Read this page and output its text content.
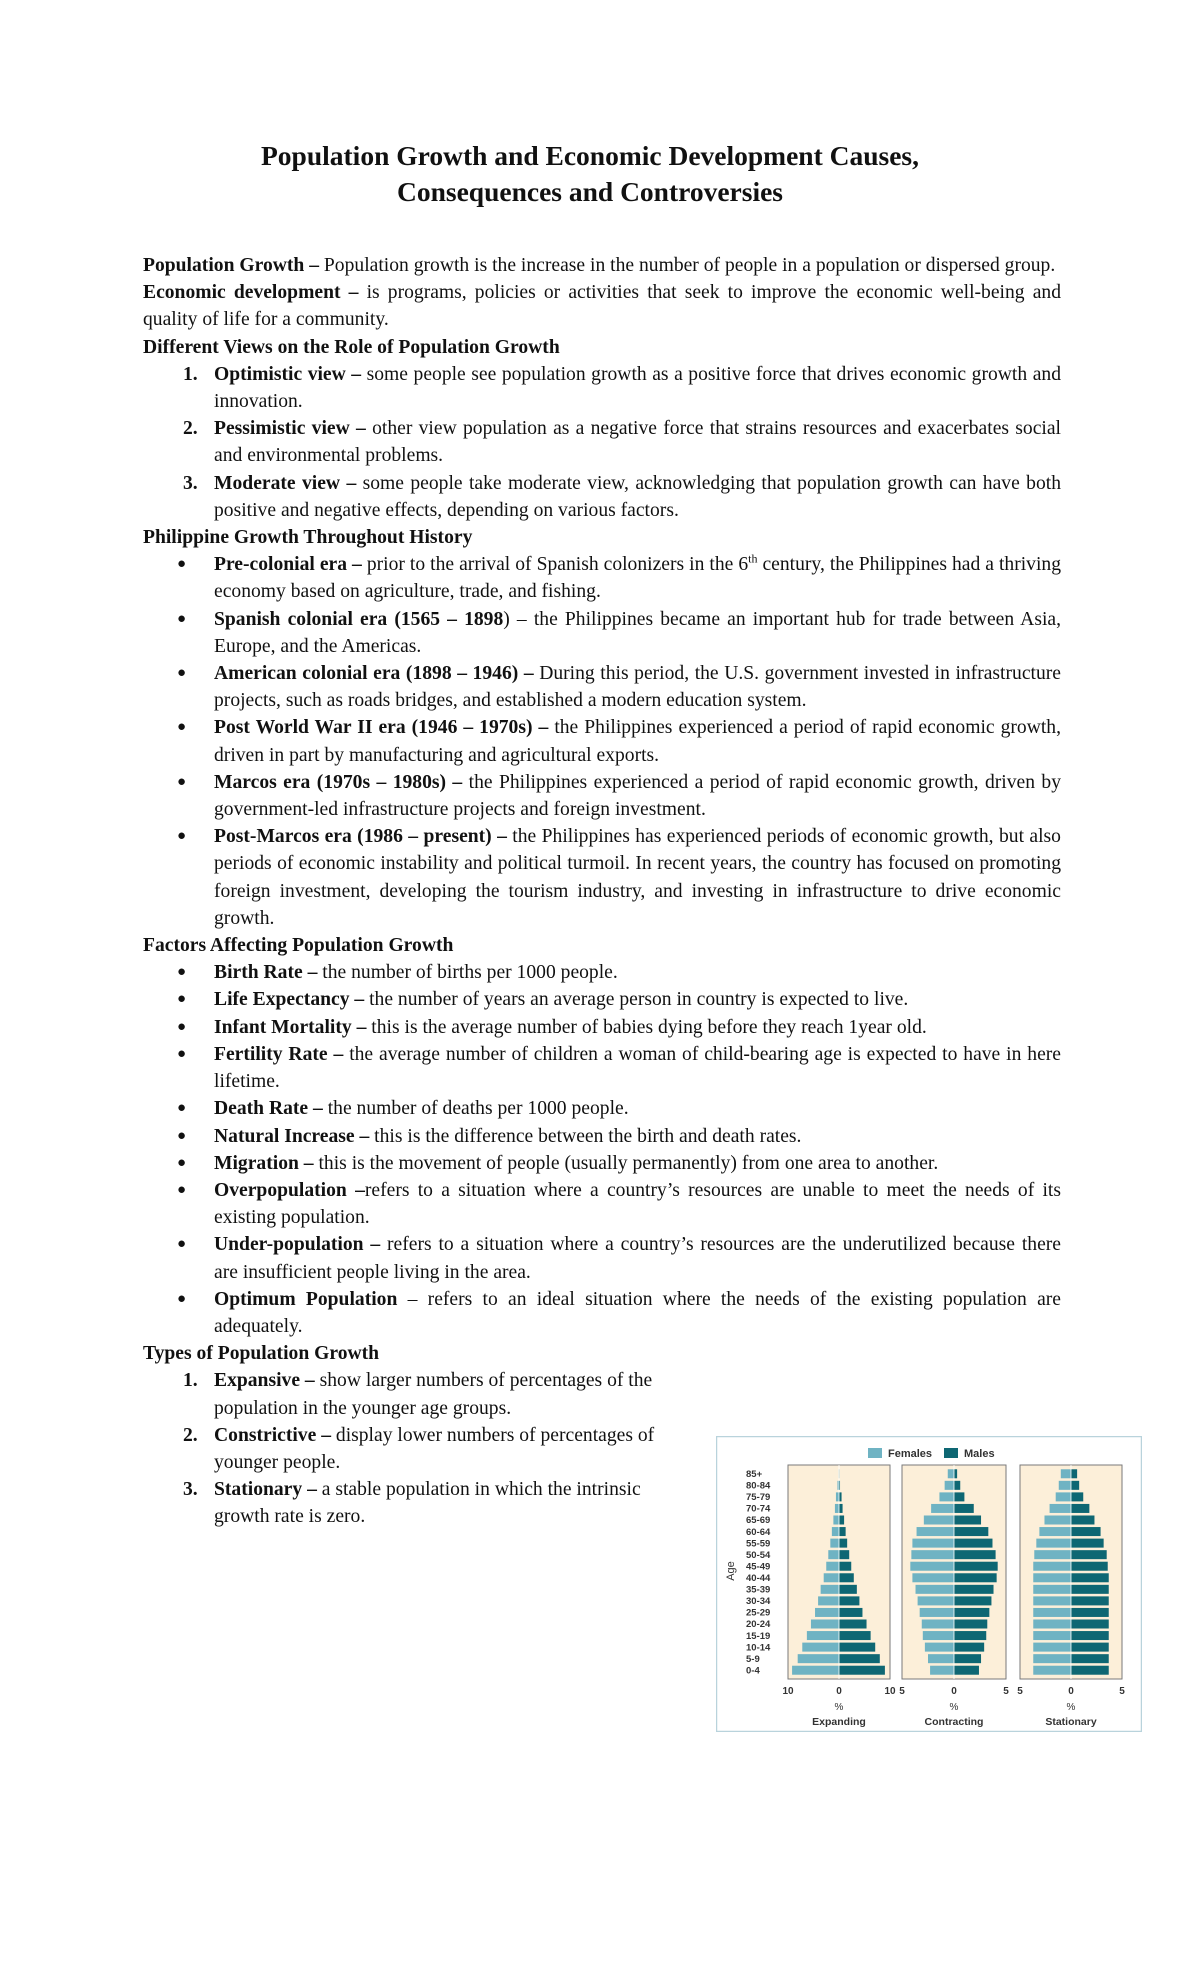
Population Growth and Economic Development Causes,
Consequences and Controversies

Population Growth – Population growth is the increase in the number of people in a population or dispersed group.

Economic development – is programs, policies or activities that seek to improve the economic well-being and quality of life for a community.

Different Views on the Role of Population Growth

1. Optimistic view – some people see population growth as a positive force that drives economic growth and innovation.
2. Pessimistic view – other view population as a negative force that strains resources and exacerbates social and environmental problems.
3. Moderate view – some people take moderate view, acknowledging that population growth can have both positive and negative effects, depending on various factors.

Philippine Growth Throughout History

● Pre-colonial era – prior to the arrival of Spanish colonizers in the 6th century, the Philippines had a thriving economy based on agriculture, trade, and fishing.
● Spanish colonial era (1565 – 1898) – the Philippines became an important hub for trade between Asia, Europe, and the Americas.
● American colonial era (1898 – 1946) – During this period, the U.S. government invested in infrastructure projects, such as roads bridges, and established a modern education system.
● Post World War II era (1946 – 1970s) – the Philippines experienced a period of rapid economic growth, driven in part by manufacturing and agricultural exports.
● Marcos era (1970s – 1980s) – the Philippines experienced a period of rapid economic growth, driven by government-led infrastructure projects and foreign investment.
● Post-Marcos era (1986 – present) – the Philippines has experienced periods of economic growth, but also periods of economic instability and political turmoil. In recent years, the country has focused on promoting foreign investment, developing the tourism industry, and investing in infrastructure to drive economic growth.

Factors Affecting Population Growth

● Birth Rate – the number of births per 1000 people.
● Life Expectancy – the number of years an average person in country is expected to live.
● Infant Mortality – this is the average number of babies dying before they reach 1year old.
● Fertility Rate – the average number of children a woman of child-bearing age is expected to have in here lifetime.
● Death Rate – the number of deaths per 1000 people.
● Natural Increase – this is the difference between the birth and death rates.
● Migration – this is the movement of people (usually permanently) from one area to another.
● Overpopulation –refers to a situation where a country’s resources are unable to meet the needs of its existing population.
● Under-population – refers to a situation where a country’s resources are the underutilized because there are insufficient people living in the area.
● Optimum Population – refers to an ideal situation where the needs of the existing population are adequately.

Types of Population Growth

1. Expansive – show larger numbers of percentages of the population in the younger age groups.
2. Constrictive – display lower numbers of percentages of younger people.
3. Stationary – a stable population in which the intrinsic growth rate is zero.
Females	Males
Age
85+
80-84
75-79
70-74
65-69
60-64
55-59
50-54
45-49
40-44
35-39
30-34
25-29
20-24
15-19
10-14
5-9
0-4
10	0	10
%
Expanding
5	0	5
%
Contracting
5	0	5
%
Stationary
